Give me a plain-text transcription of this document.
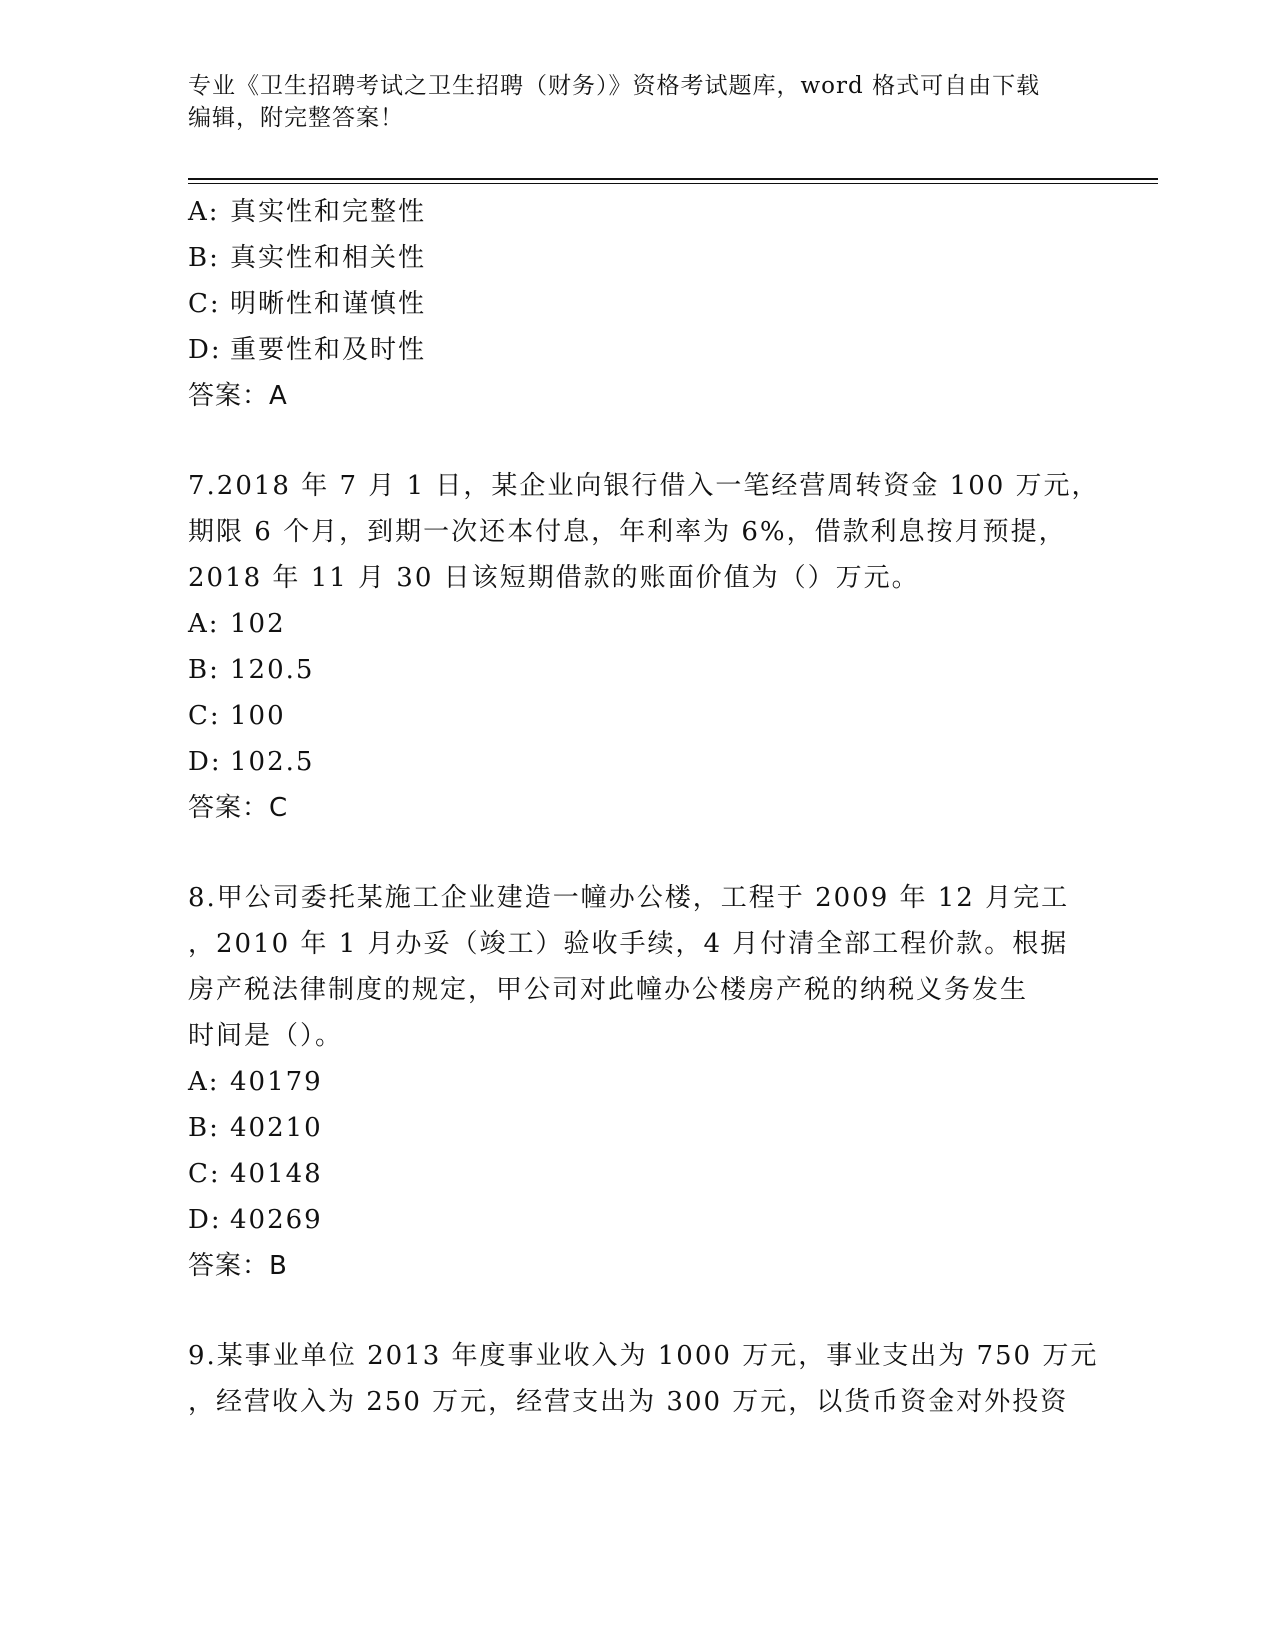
专业《卫生招聘考试之卫生招聘（财务）》资格考试题库，word 格式可自由下载
编辑，附完整答案！
A: 真实性和完整性
B: 真实性和相关性
C: 明晰性和谨慎性
D: 重要性和及时性
答案：A
7.2018 年 7 月 1 日，某企业向银行借入一笔经营周转资金 100 万元，
期限 6 个月，到期一次还本付息，年利率为 6%，借款利息按月预提，
2018 年 11 月 30 日该短期借款的账面价值为（）万元。
A: 102
B: 120.5
C: 100
D: 102.5
答案：C
8.甲公司委托某施工企业建造一幢办公楼，工程于 2009 年 12 月完工
，2010 年 1 月办妥（竣工）验收手续，4 月付清全部工程价款。根据
房产税法律制度的规定，甲公司对此幢办公楼房产税的纳税义务发生
时间是（）。
A: 40179
B: 40210
C: 40148
D: 40269
答案：B
9.某事业单位 2013 年度事业收入为 1000 万元，事业支出为 750 万元
，经营收入为 250 万元，经营支出为 300 万元，以货币资金对外投资
